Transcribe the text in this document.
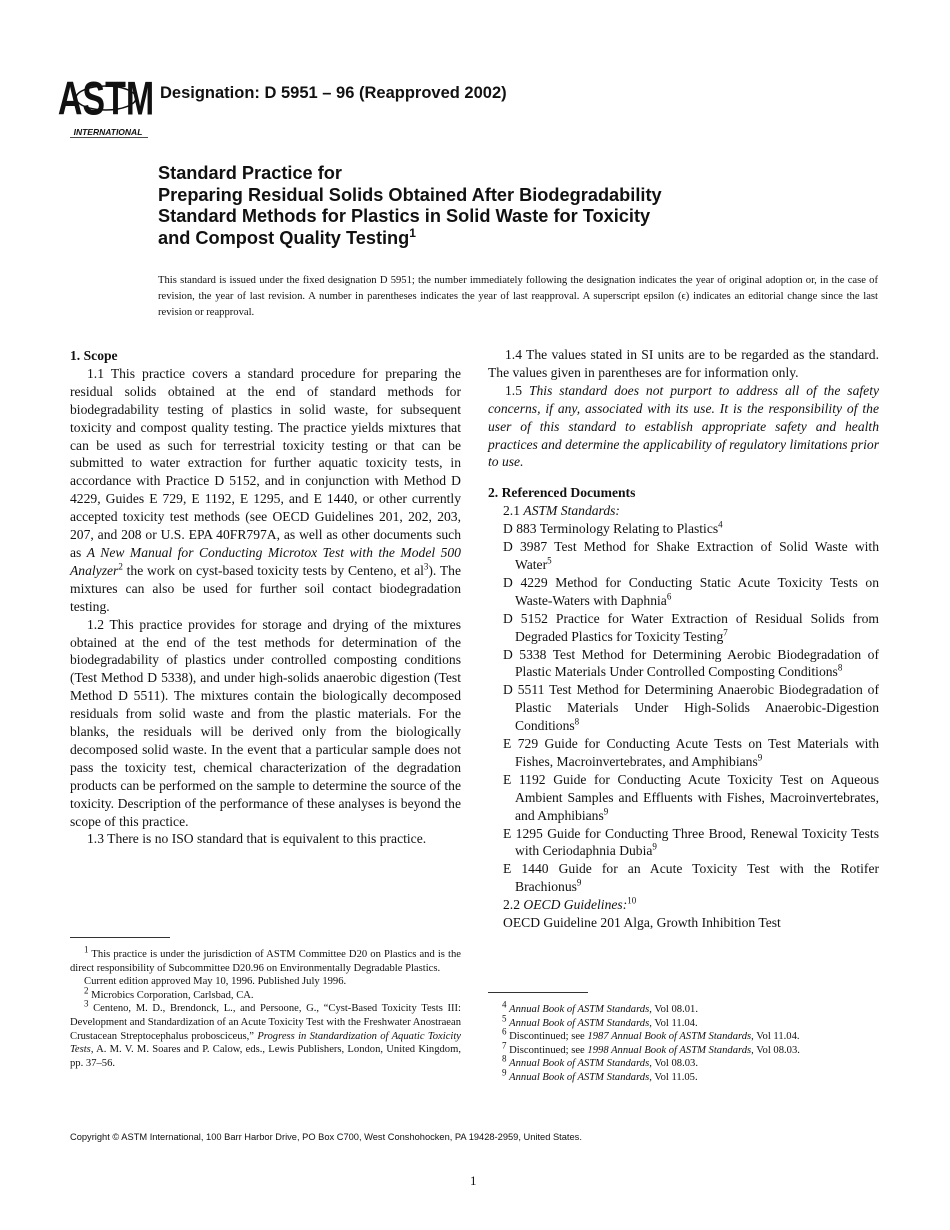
ASTM
INTERNATIONAL
Designation: D 5951 – 96 (Reapproved 2002)
Standard Practice for
Preparing Residual Solids Obtained After Biodegradability
Standard Methods for Plastics in Solid Waste for Toxicity
and Compost Quality Testing$^1$
This standard is issued under the fixed designation D 5951; the number immediately following the designation indicates the year of original adoption or, in the case of revision, the year of last revision. A number in parentheses indicates the year of last reapproval. A superscript epsilon (ϵ) indicates an editorial change since the last revision or reapproval.

1. Scope

1.1 This practice covers a standard procedure for preparing the residual solids obtained at the end of standard methods for biodegradability testing of plastics in solid waste, for subsequent toxicity and compost quality testing. The practice yields mixtures that can be used as such for terrestrial toxicity testing or that can be submitted to water extraction for further aquatic toxicity tests, in accordance with Practice D 5152, and in conjunction with Method D 4229, Guides E 729, E 1192, E 1295, and E 1440, or other currently accepted toxicity test methods (see OECD Guidelines 201, 202, 203, 207, and 208 or U.S. EPA 40FR797A, as well as other documents such as A New Manual for Conducting Microtox Test with the Model 500 Analyzer$^2$ the work on cyst-based toxicity tests by Centeno, et $al^3$). The mixtures can also be used for further soil contact biodegradation testing.

1.2 This practice provides for storage and drying of the mixtures obtained at the end of the test methods for determination of the biodegradability of plastics under controlled composting conditions (Test Method D 5338), and under high-solids anaerobic digestion (Test Method D 5511). The mixtures contain the biologically decomposed residuals from solid waste and from the plastic materials. For the blanks, the residuals will be derived only from the biologically decomposed solid waste. In the event that a particular sample does not pass the toxicity test, chemical characterization of the degradation products can be performed on the sample to determine the source of the toxicity. Description of the performance of these analyses is beyond the scope of this practice.

1.3 There is no ISO standard that is equivalent to this practice.

1.4 The values stated in SI units are to be regarded as the standard. The values given in parentheses are for information only.

1.5 This standard does not purport to address all of the safety concerns, if any, associated with its use. It is the responsibility of the user of this standard to establish appropriate safety and health practices and determine the applicability of regulatory limitations prior to use.

2. Referenced Documents

2.1 ASTM Standards:

D 883 Terminology Relating to Plastics$^4$

D 3987 Test Method for Shake Extraction of Solid Waste with Water$^5$

D 4229 Method for Conducting Static Acute Toxicity Tests on Waste-Waters with Daphnia$^6$

D 5152 Practice for Water Extraction of Residual Solids from Degraded Plastics for Toxicity Testing$^7$

D 5338 Test Method for Determining Aerobic Biodegradation of Plastic Materials Under Controlled Composting Conditions$^8$

D 5511 Test Method for Determining Anaerobic Biodegradation of Plastic Materials Under High-Solids Anaerobic-Digestion Conditions$^8$

E 729 Guide for Conducting Acute Tests on Test Materials with Fishes, Macroinvertebrates, and Amphibians$^9$

E 1192 Guide for Conducting Acute Toxicity Test on Aqueous Ambient Samples and Effluents with Fishes, Macroinvertebrates, and Amphibians$^9$

E 1295 Guide for Conducting Three Brood, Renewal Toxicity Tests with Ceriodaphnia Dubia$^9$

E 1440 Guide for an Acute Toxicity Test with the Rotifer Brachionus$^9$

2.2 OECD Guidelines:$^{10}$

OECD Guideline 201 Alga, Growth Inhibition Test

$^1$ This practice is under the jurisdiction of ASTM Committee D20 on Plastics and is the direct responsibility of Subcommittee D20.96 on Environmentally Degradable Plastics.

Current edition approved May 10, 1996. Published July 1996.

$^2$ Microbics Corporation, Carlsbad, CA.

$^3$ Centeno, M. D., Brendonck, L., and Persoone, G., “Cyst-Based Toxicity Tests III: Development and Standardization of an Acute Toxicity Test with the Freshwater Anostraean Crustacean Streptocephalus probosciceus,” Progress in Standardization of Aquatic Toxicity Tests, A. M. V. M. Soares and P. Calow, eds., Lewis Publishers, London, United Kingdom, pp. 37–56.

$^4$ Annual Book of ASTM Standards, Vol 08.01.

$^5$ Annual Book of ASTM Standards, Vol 11.04.

$^6$ Discontinued; see 1987 Annual Book of ASTM Standards, Vol 11.04.

$^7$ Discontinued; see 1998 Annual Book of ASTM Standards, Vol 08.03.

$^8$ Annual Book of ASTM Standards, Vol 08.03.

$^9$ Annual Book of ASTM Standards, Vol 11.05.

Copyright © ASTM International, 100 Barr Harbor Drive, PO Box C700, West Conshohocken, PA 19428-2959, United States.
1
